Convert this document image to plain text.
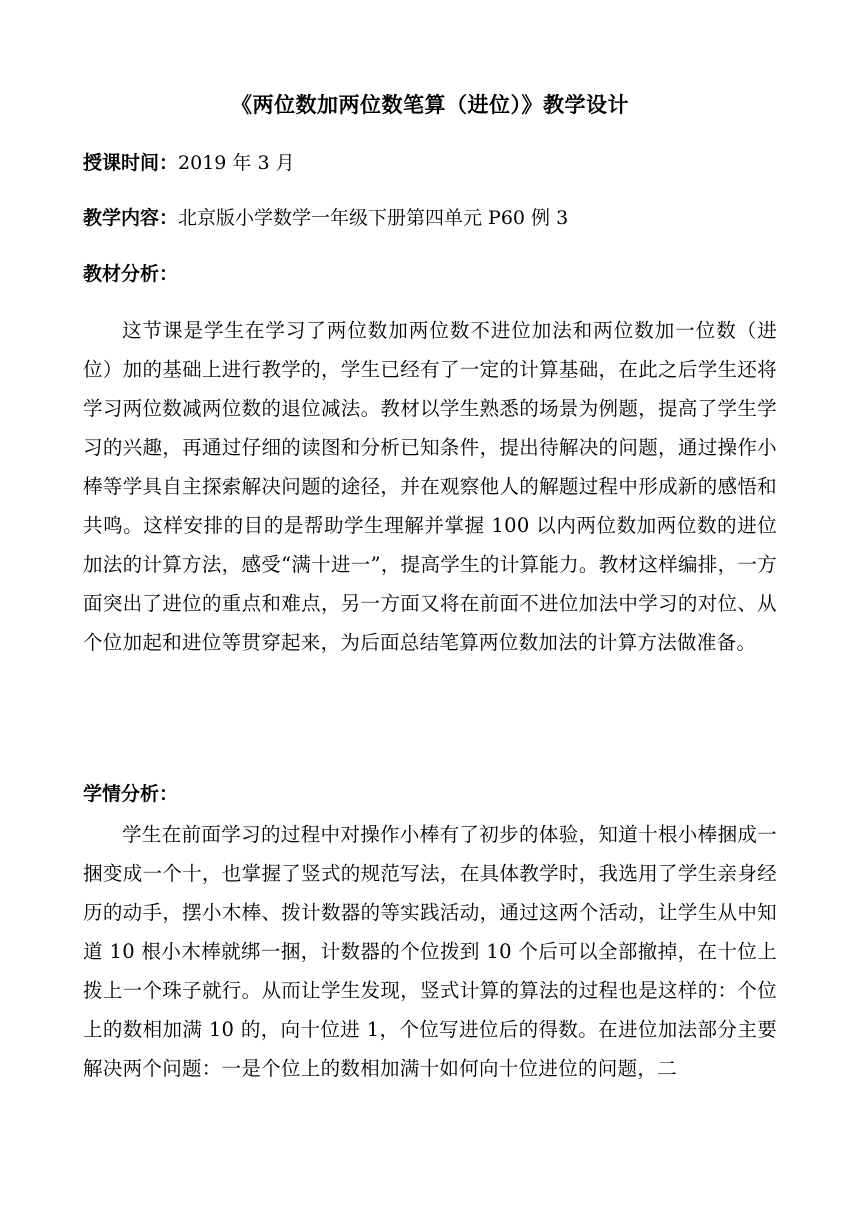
《两位数加两位数笔算（进位）》教学设计
授课时间：2019 年 3 月
教学内容：北京版小学数学一年级下册第四单元 P60 例 3
教材分析：
这节课是学生在学习了两位数加两位数不进位加法和两位数加一位数（进位）加的基础上进行教学的，学生已经有了一定的计算基础，在此之后学生还将学习两位数减两位数的退位减法。教材以学生熟悉的场景为例题，提高了学生学习的兴趣，再通过仔细的读图和分析已知条件，提出待解决的问题，通过操作小棒等学具自主探索解决问题的途径，并在观察他人的解题过程中形成新的感悟和共鸣。这样安排的目的是帮助学生理解并掌握 100 以内两位数加两位数的进位加法的计算方法，感受“满十进一”，提高学生的计算能力。教材这样编排，一方面突出了进位的重点和难点，另一方面又将在前面不进位加法中学习的对位、从个位加起和进位等贯穿起来，为后面总结笔算两位数加法的计算方法做准备。
学情分析：
学生在前面学习的过程中对操作小棒有了初步的体验，知道十根小棒捆成一捆变成一个十，也掌握了竖式的规范写法，在具体教学时，我选用了学生亲身经历的动手，摆小木棒、拨计数器的等实践活动，通过这两个活动，让学生从中知道 10 根小木棒就绑一捆，计数器的个位拨到 10 个后可以全部撤掉，在十位上拨上一个珠子就行。从而让学生发现，竖式计算的算法的过程也是这样的：个位上的数相加满 10 的，向十位进 1，个位写进位后的得数。在进位加法部分主要解决两个问题：一是个位上的数相加满十如何向十位进位的问题，二
